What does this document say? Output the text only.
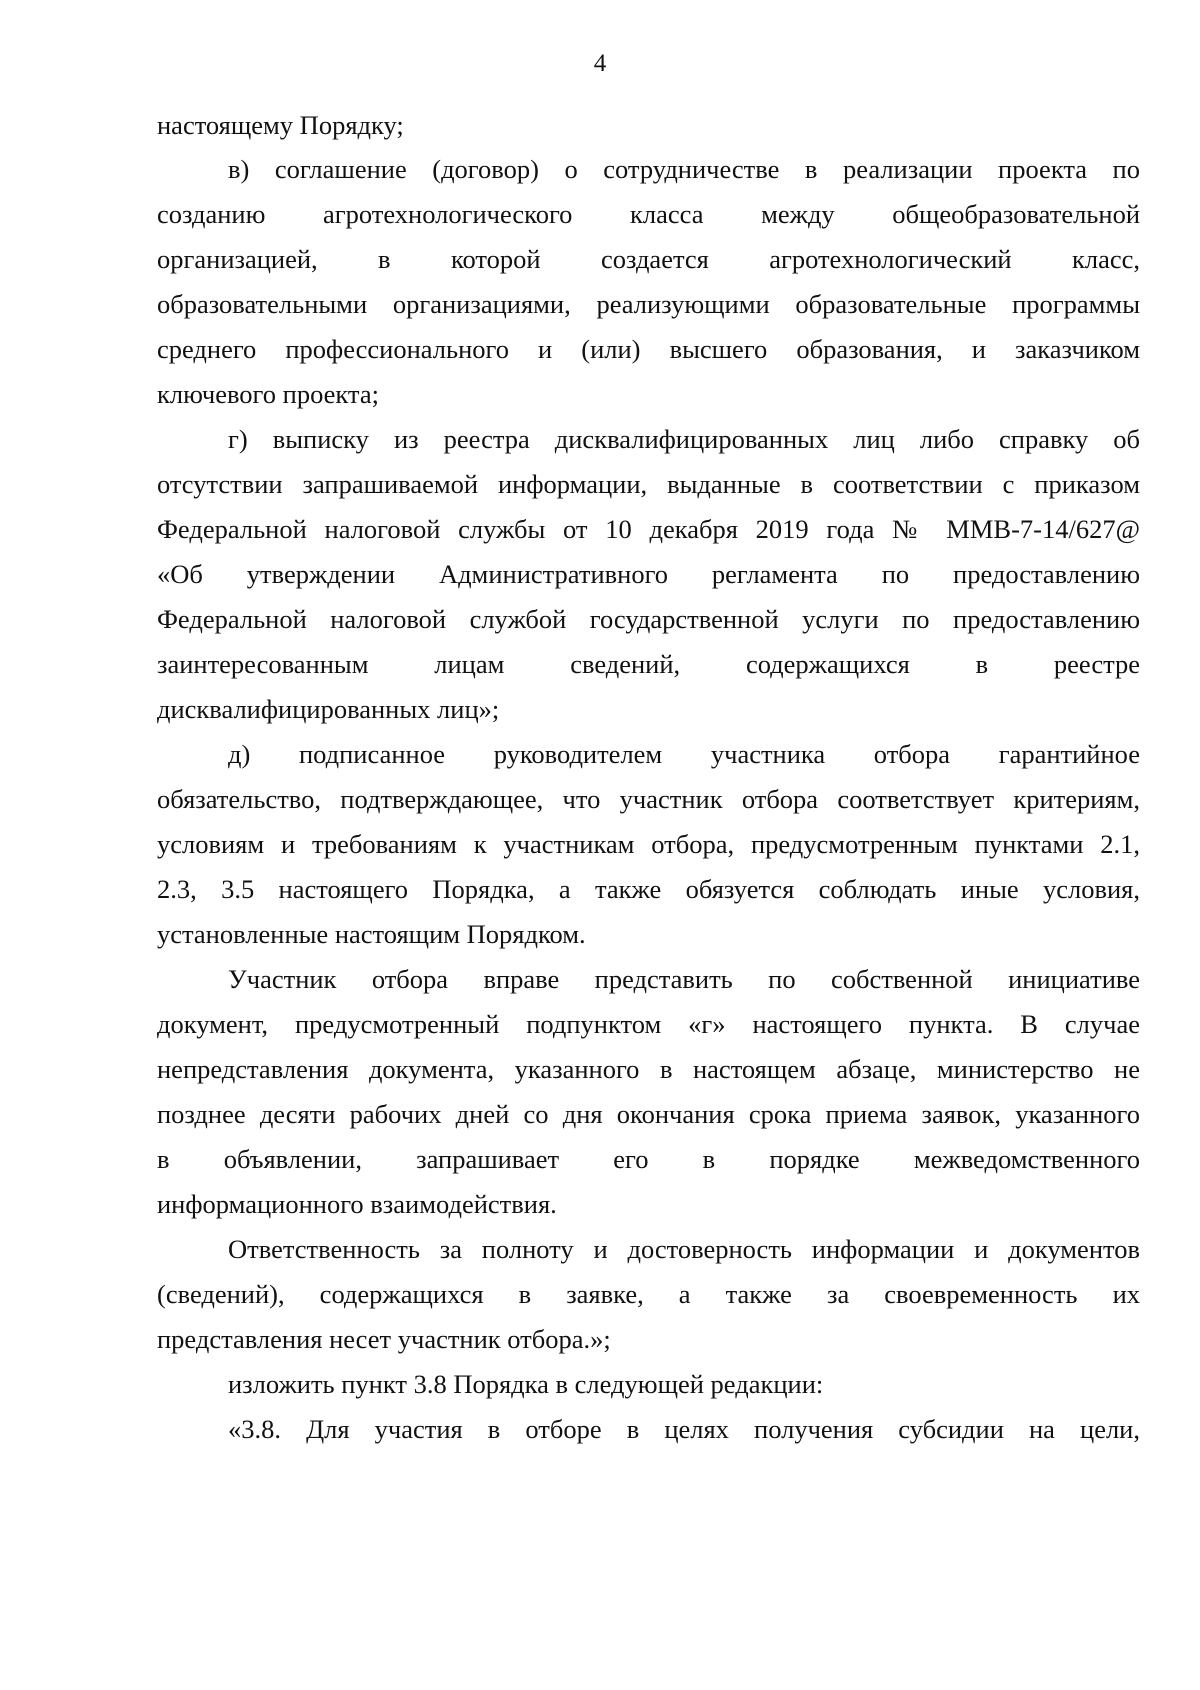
4
настоящему Порядку;
в) соглашение (договор) о сотрудничестве в реализации проекта по
созданию агротехнологического класса между общеобразовательной
организацией, в которой создается агротехнологический класс,
образовательными организациями, реализующими образовательные программы
среднего профессионального и (или) высшего образования, и заказчиком
ключевого проекта;
г) выписку из реестра дисквалифицированных лиц либо справку об
отсутствии запрашиваемой информации, выданные в соответствии с приказом
Федеральной налоговой службы от 10 декабря 2019 года № ММВ-7-14/627@
«Об утверждении Административного регламента по предоставлению
Федеральной налоговой службой государственной услуги по предоставлению
заинтересованным лицам сведений, содержащихся в реестре
дисквалифицированных лиц»;
д) подписанное руководителем участника отбора гарантийное
обязательство, подтверждающее, что участник отбора соответствует критериям,
условиям и требованиям к участникам отбора, предусмотренным пунктами 2.1,
2.3, 3.5 настоящего Порядка, а также обязуется соблюдать иные условия,
установленные настоящим Порядком.
Участник отбора вправе представить по собственной инициативе
документ, предусмотренный подпунктом «г» настоящего пункта. В случае
непредставления документа, указанного в настоящем абзаце, министерство не
позднее десяти рабочих дней со дня окончания срока приема заявок, указанного
в объявлении, запрашивает его в порядке межведомственного
информационного взаимодействия.
Ответственность за полноту и достоверность информации и документов
(сведений), содержащихся в заявке, а также за своевременность их
представления несет участник отбора.»;
изложить пункт 3.8 Порядка в следующей редакции:
«3.8. Для участия в отборе в целях получения субсидии на цели,
